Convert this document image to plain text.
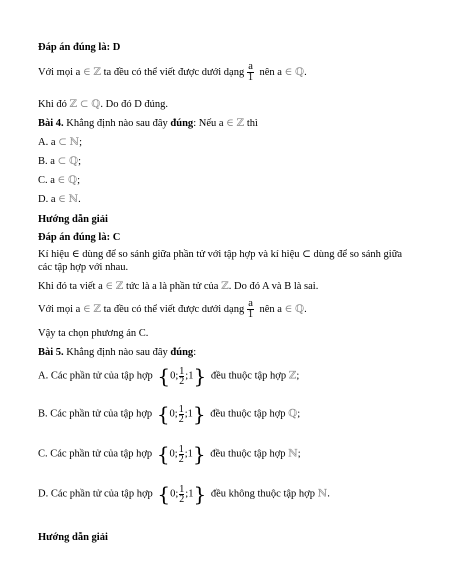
Đáp án đúng là: D
Với mọi a ∈ ℤ ta đều có thể viết được dưới dạng $\frac{a}{1}$ nên a ∈ ℚ.
Khi đó ℤ ⊂ ℚ. Do đó D đúng.
Bài 4. Khẳng định nào sau đây đúng: Nếu a ∈ ℤ thì
A. a ⊂ ℕ;
B. a ⊂ ℚ;
C. a ∈ ℚ;
D. a ∈ ℕ.
Hướng dẫn giải
Đáp án đúng là: C
Kí hiệu ∈ dùng để so sánh giữa phần tử với tập hợp và kí hiệu ⊂ dùng để so sánh giữa
các tập hợp với nhau.
Khi đó ta viết a ∈ ℤ tức là a là phần tử của ℤ. Do đó A và B là sai.
Với mọi a ∈ ℤ ta đều có thể viết được dưới dạng $\frac{a}{1}$ nên a ∈ ℚ.
Vậy ta chọn phương án C.
Bài 5. Khẳng định nào sau đây đúng:
A. Các phần tử của tập hợp {0; $\frac{1}{2}$ ;1} đều thuộc tập hợp ℤ;
B. Các phần tử của tập hợp {0; $\frac{1}{2}$ ;1} đều thuộc tập hợp ℚ;
C. Các phần tử của tập hợp {0; $\frac{1}{2}$ ;1} đều thuộc tập hợp ℕ;
D. Các phần tử của tập hợp {0; $\frac{1}{2}$ ;1} đều không thuộc tập hợp ℕ.
Hướng dẫn giải
